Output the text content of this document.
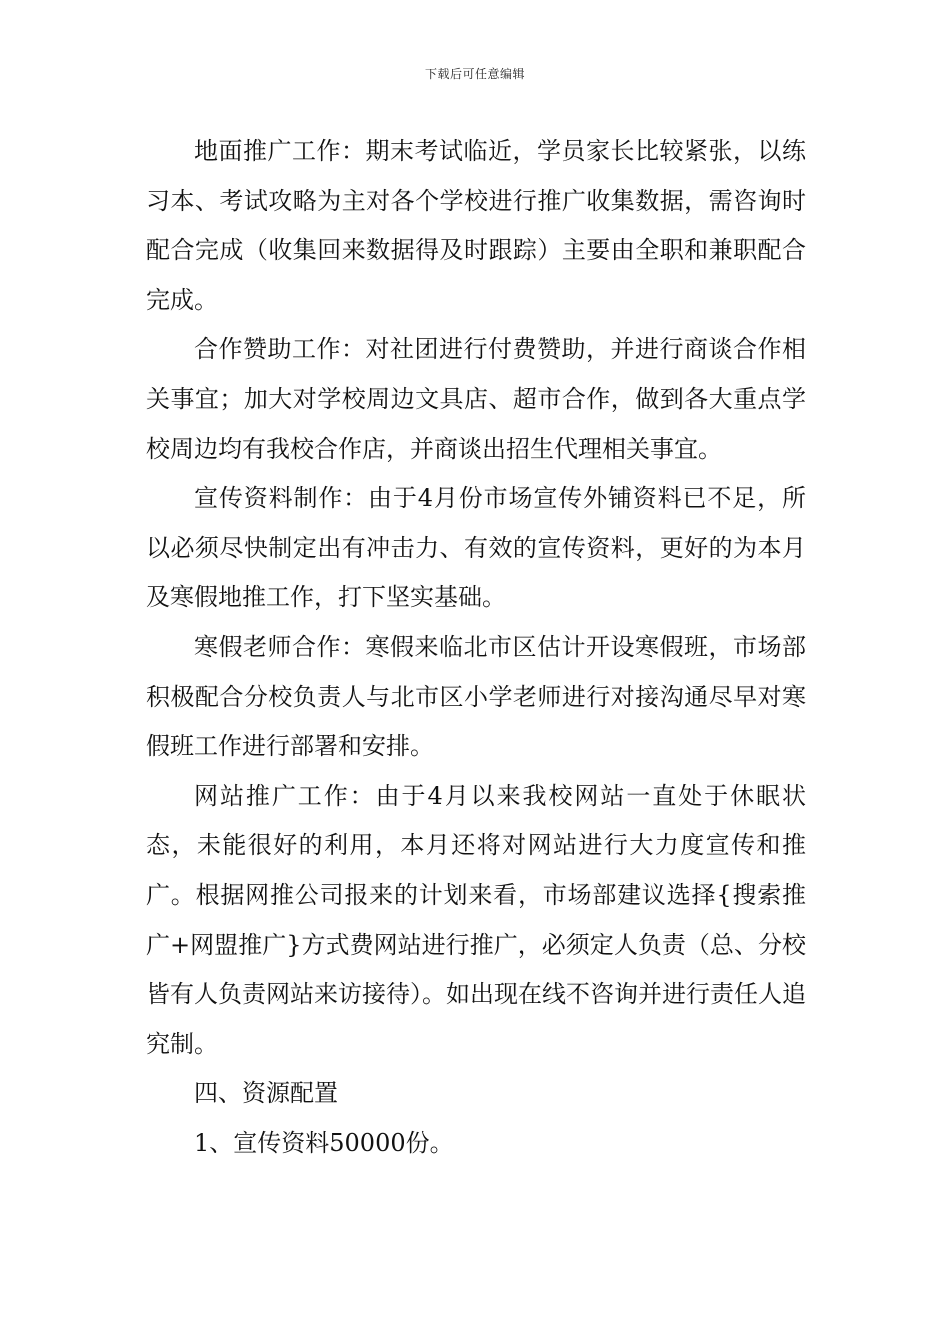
下载后可任意编辑

地面推广工作：期末考试临近，学员家长比较紧张，以练习本、考试攻略为主对各个学校进行推广收集数据，需咨询时配合完成（收集回来数据得及时跟踪）主要由全职和兼职配合完成。

合作赞助工作：对社团进行付费赞助，并进行商谈合作相关事宜；加大对学校周边文具店、超市合作，做到各大重点学校周边均有我校合作店，并商谈出招生代理相关事宜。

宣传资料制作：由于4月份市场宣传外铺资料已不足，所以必须尽快制定出有冲击力、有效的宣传资料，更好的为本月及寒假地推工作，打下坚实基础。

寒假老师合作：寒假来临北市区估计开设寒假班，市场部积极配合分校负责人与北市区小学老师进行对接沟通尽早对寒假班工作进行部署和安排。

网站推广工作：由于4月以来我校网站一直处于休眠状态，未能很好的利用，本月还将对网站进行大力度宣传和推广。根据网推公司报来的计划来看，市场部建议选择{搜索推广+网盟推广}方式费网站进行推广，必须定人负责（总、分校皆有人负责网站来访接待）。如出现在线不咨询并进行责任人追究制。

四、资源配置

1、宣传资料50000份。
